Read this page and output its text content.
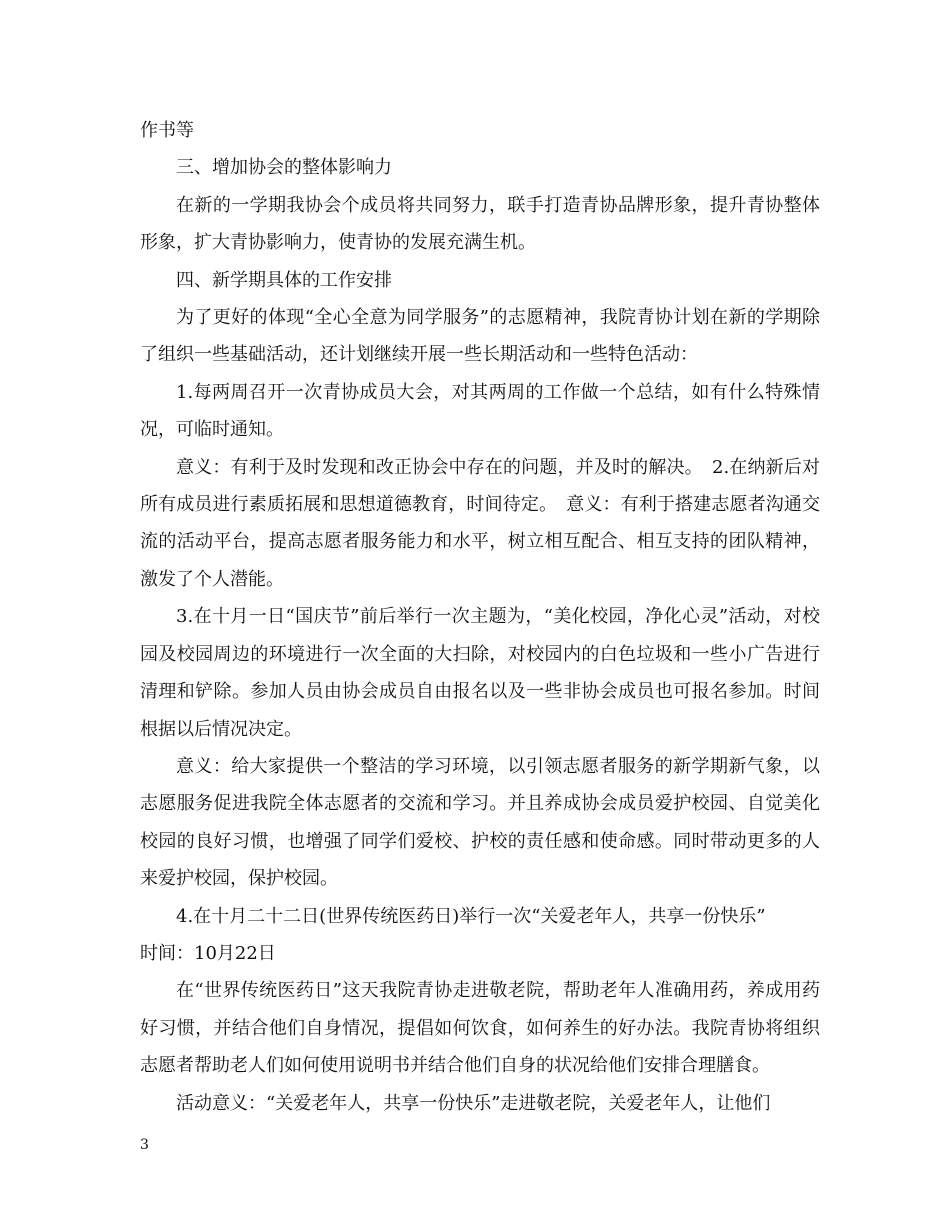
作书等

三、增加协会的整体影响力

在新的一学期我协会个成员将共同努力，联手打造青协品牌形象，提升青协整体形象，扩大青协影响力，使青协的发展充满生机。

四、新学期具体的工作安排

为了更好的体现“全心全意为同学服务”的志愿精神，我院青协计划在新的学期除了组织一些基础活动，还计划继续开展一些长期活动和一些特色活动：

1.每两周召开一次青协成员大会，对其两周的工作做一个总结，如有什么特殊情况，可临时通知。

意义：有利于及时发现和改正协会中存在的问题，并及时的解决。　2.在纳新后对所有成员进行素质拓展和思想道德教育，时间待定。　意义：有利于搭建志愿者沟通交流的活动平台，提高志愿者服务能力和水平，树立相互配合、相互支持的团队精神，激发了个人潜能。

3.在十月一日“国庆节”前后举行一次主题为，“美化校园，净化心灵”活动，对校园及校园周边的环境进行一次全面的大扫除，对校园内的白色垃圾和一些小广告进行清理和铲除。参加人员由协会成员自由报名以及一些非协会成员也可报名参加。时间根据以后情况决定。

意义：给大家提供一个整洁的学习环境，以引领志愿者服务的新学期新气象，以志愿服务促进我院全体志愿者的交流和学习。并且养成协会成员爱护校园、自觉美化校园的良好习惯，也增强了同学们爱校、护校的责任感和使命感。同时带动更多的人来爱护校园，保护校园。

4.在十月二十二日(世界传统医药日)举行一次“关爱老年人，共享一份快乐”

时间：10月22日

在“世界传统医药日”这天我院青协走进敬老院，帮助老年人准确用药，养成用药好习惯，并结合他们自身情况，提倡如何饮食，如何养生的好办法。我院青协将组织志愿者帮助老人们如何使用说明书并结合他们自身的状况给他们安排合理膳食。

活动意义：“关爱老年人，共享一份快乐”走进敬老院，关爱老年人，让他们

3
